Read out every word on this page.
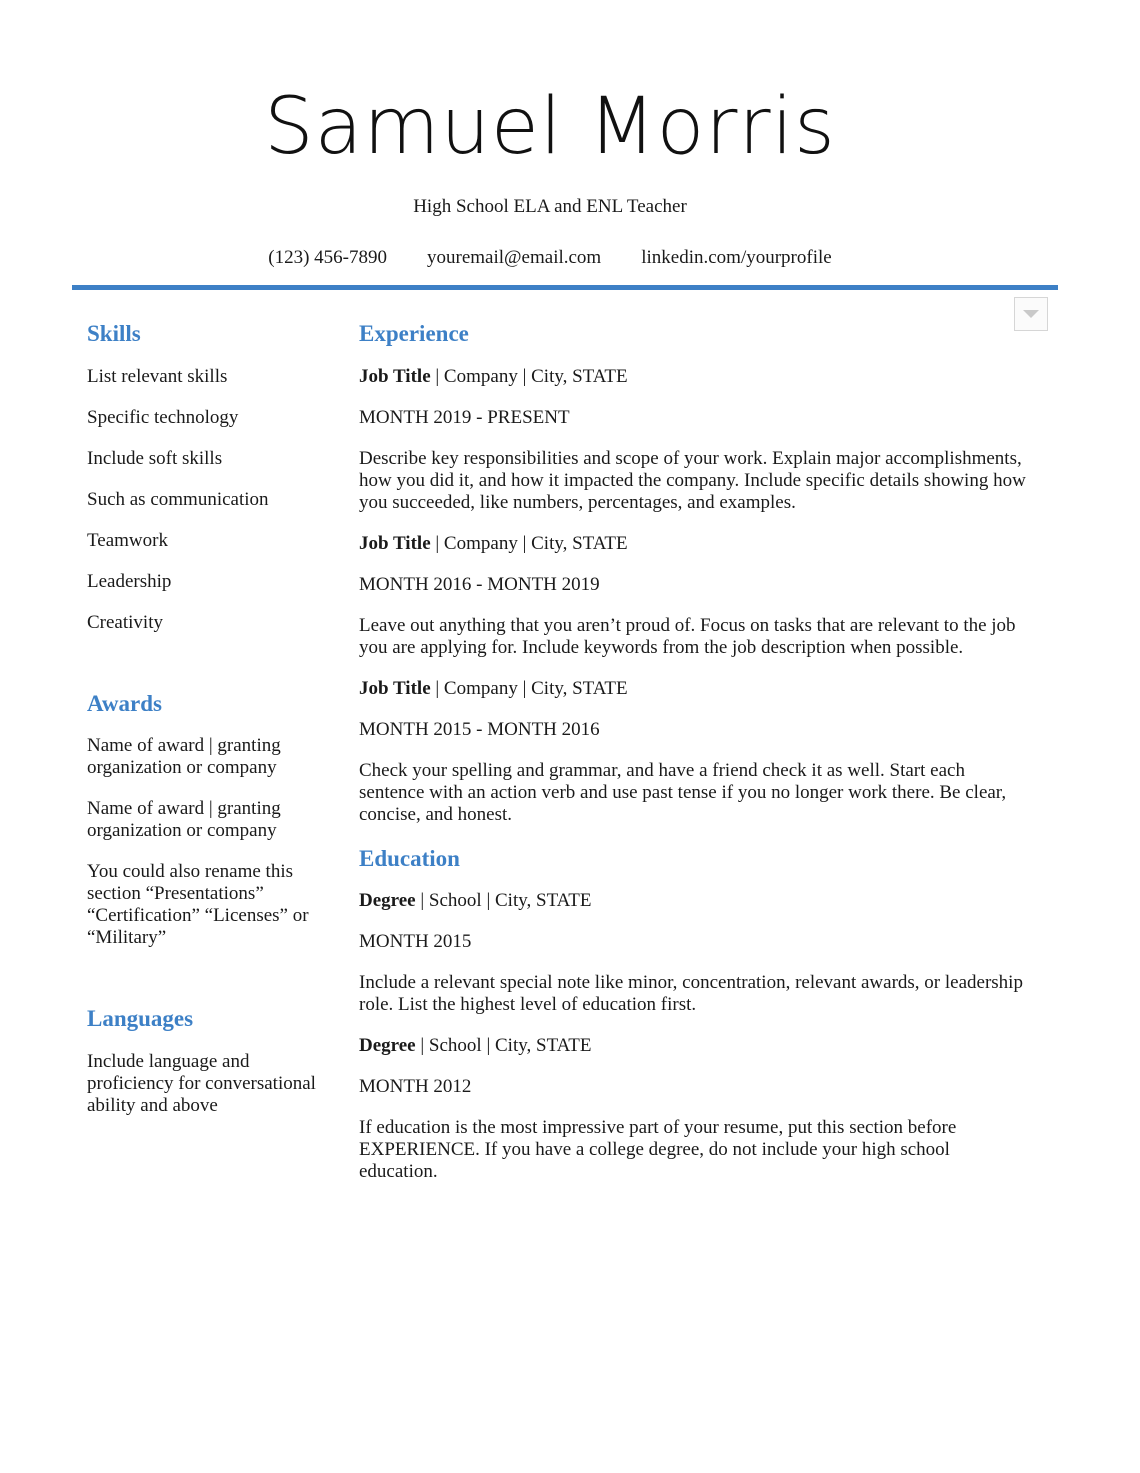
Samuel Morris
High School ELA and ENL Teacher
(123) 456-7890 youremail@email.com linkedin.com/yourprofile
Skills
List relevant skills
Specific technology
Include soft skills
Such as communication
Teamwork
Leadership
Creativity
Awards
Name of award | granting organization or company
Name of award | granting organization or company
You could also rename this section “Presentations” “Certification” “Licenses” or “Military”
Languages
Include language and proficiency for conversational ability and above
Experience
Job Title | Company | City, STATE
MONTH 2019 - PRESENT
Describe key responsibilities and scope of your work. Explain major accomplishments, how you did it, and how it impacted the company. Include specific details showing how you succeeded, like numbers, percentages, and examples.
Job Title | Company | City, STATE
MONTH 2016 - MONTH 2019
Leave out anything that you aren’t proud of. Focus on tasks that are relevant to the job you are applying for. Include keywords from the job description when possible.
Job Title | Company | City, STATE
MONTH 2015 - MONTH 2016
Check your spelling and grammar, and have a friend check it as well. Start each sentence with an action verb and use past tense if you no longer work there. Be clear, concise, and honest.
Education
Degree | School | City, STATE
MONTH 2015
Include a relevant special note like minor, concentration, relevant awards, or leadership role. List the highest level of education first.
Degree | School | City, STATE
MONTH 2012
If education is the most impressive part of your resume, put this section before EXPERIENCE. If you have a college degree, do not include your high school education.
